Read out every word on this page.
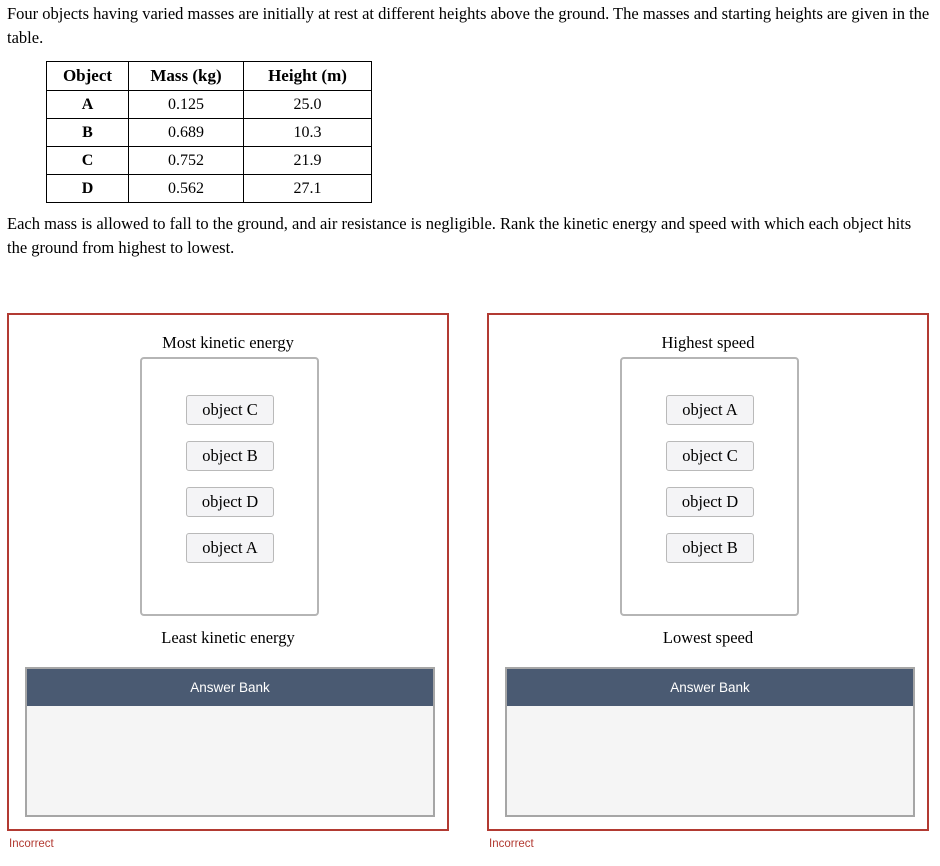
Four objects having varied masses are initially at rest at different heights above the ground. The masses and starting heights are given in the table.

Object	Mass (kg)	Height (m)
A	0.125	25.0
B	0.689	10.3
C	0.752	21.9
D	0.562	27.1

Each mass is allowed to fall to the ground, and air resistance is negligible. Rank the kinetic energy and speed with which each object hits the ground from highest to lowest.

Most kinetic energy
object C
object B
object D
object A
Least kinetic energy
Answer Bank
Incorrect
Highest speed
object A
object C
object D
object B
Lowest speed
Answer Bank
Incorrect
